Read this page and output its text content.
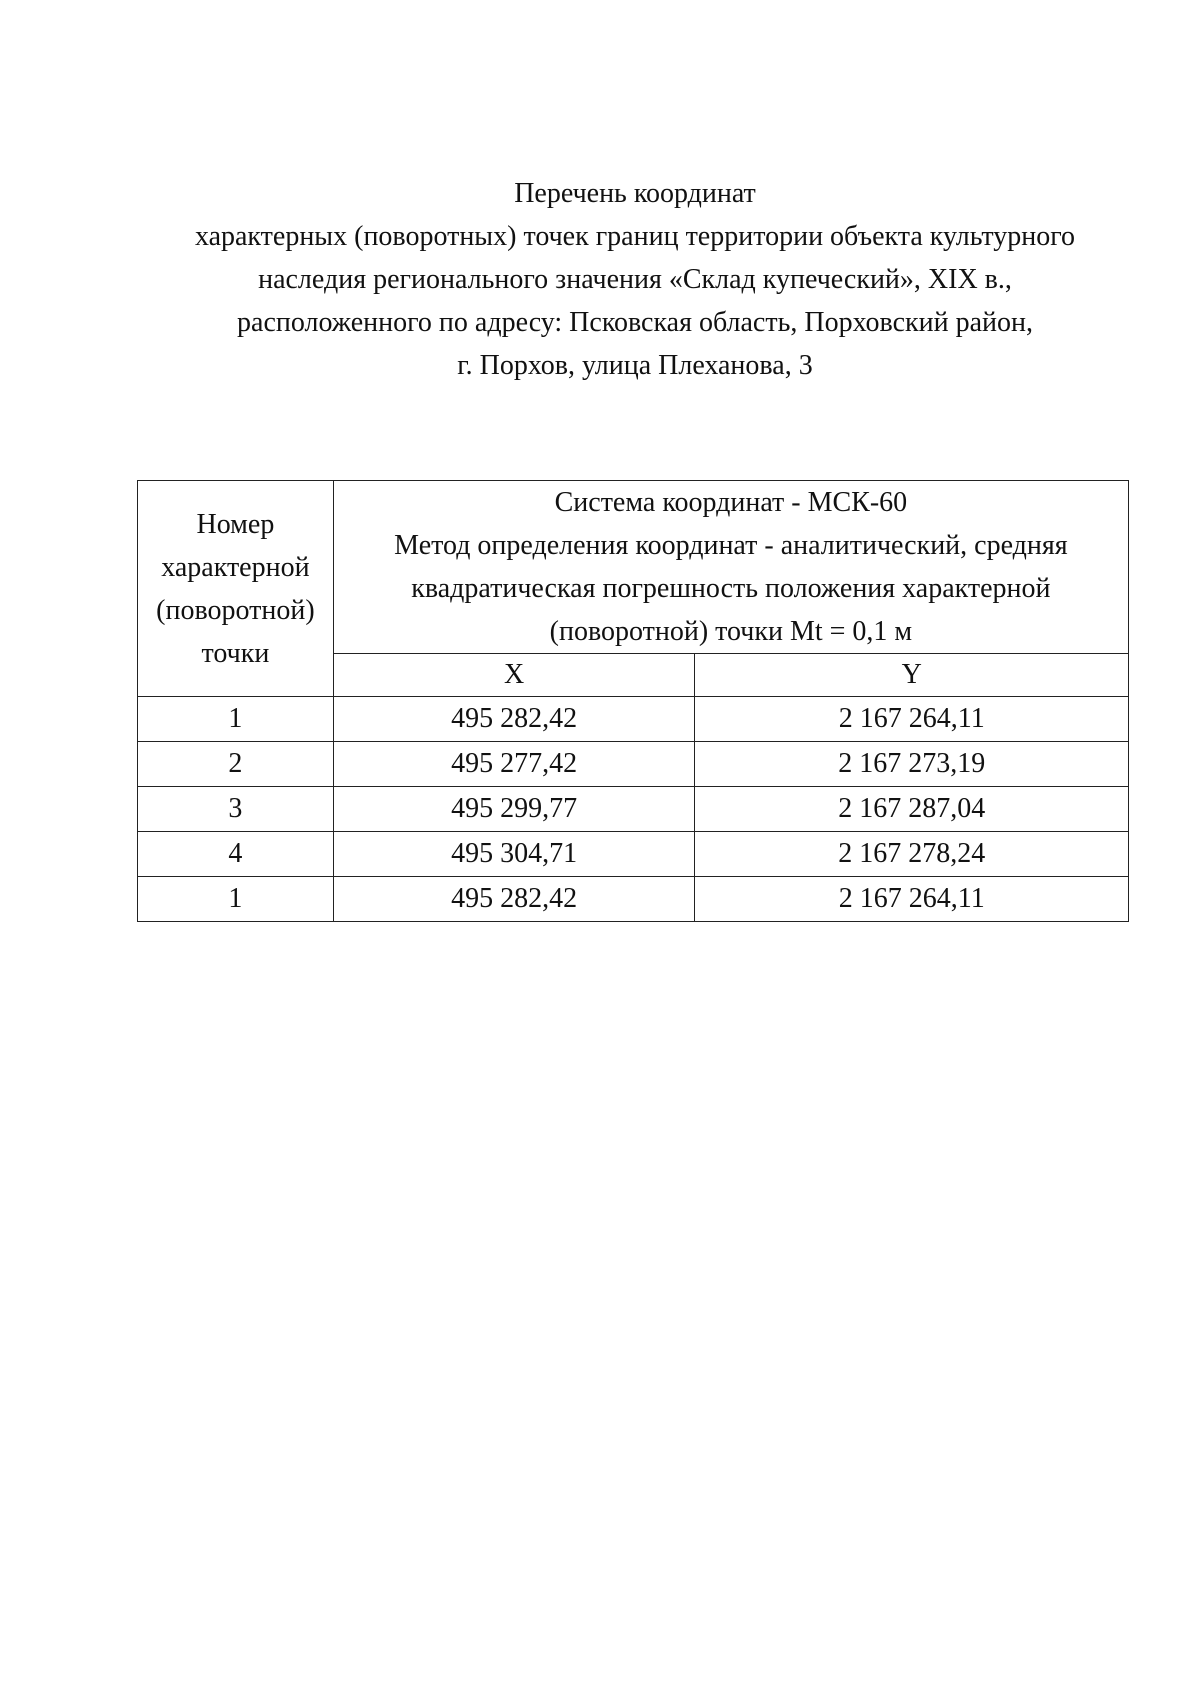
Перечень координат
характерных (поворотных) точек границ территории объекта культурного
наследия регионального значения «Склад купеческий», XIX в.,
расположенного по адресу: Псковская область, Порховский район,
г. Порхов, улица Плеханова, 3
Номер
характерной
(поворотной)
точки	Система координат - МСК-60
Метод определения координат - аналитический, средняя
квадратическая погрешность положения характерной
(поворотной) точки Mt = 0,1 м	

	X	Y
1	495 282,42	2 167 264,11
2	495 277,42	2 167 273,19
3	495 299,77	2 167 287,04
4	495 304,71	2 167 278,24
1	495 282,42	2 167 264,11
